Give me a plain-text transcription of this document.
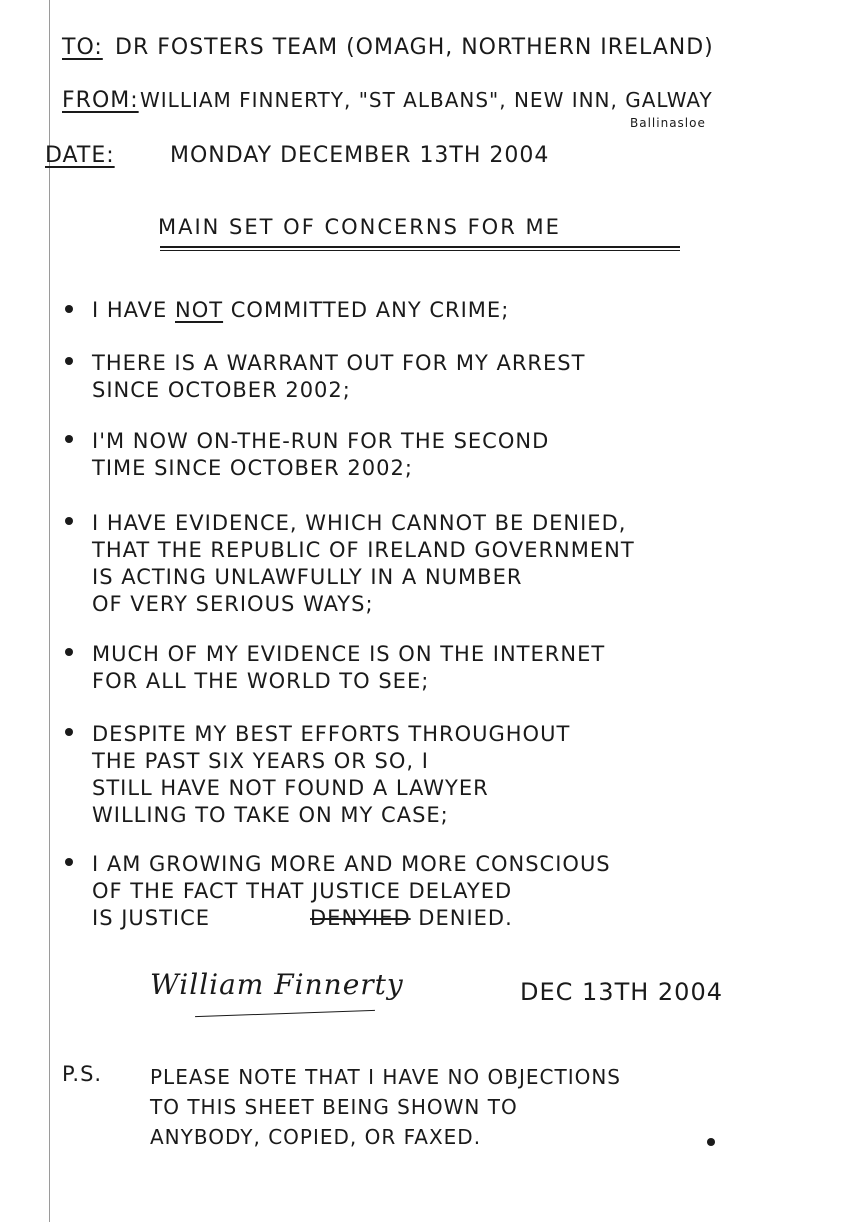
TO: DR FOSTERS TEAM (OMAGH, NORTHERN IRELAND)
FROM: WILLIAM FINNERTY, "ST ALBANS", NEW INN, GALWAY
Ballinasloe
DATE:	MONDAY DECEMBER 13TH 2004
MAIN SET OF CONCERNS FOR ME
I HAVE NOT COMMITTED ANY CRIME;
THERE IS A WARRANT OUT FOR MY ARREST
SINCE OCTOBER 2002;
I'M NOW ON-THE-RUN FOR THE SECOND
TIME SINCE OCTOBER 2002;
I HAVE EVIDENCE, WHICH CANNOT BE DENIED,
THAT THE REPUBLIC OF IRELAND GOVERNMENT
IS ACTING UNLAWFULLY IN A NUMBER
OF VERY SERIOUS WAYS;
MUCH OF MY EVIDENCE IS ON THE INTERNET
FOR ALL THE WORLD TO SEE;
DESPITE MY BEST EFFORTS THROUGHOUT
THE PAST SIX YEARS OR SO, I
STILL HAVE NOT FOUND A LAWYER
WILLING TO TAKE ON MY CASE;
I AM GROWING MORE AND MORE CONSCIOUS
OF THE FACT THAT JUSTICE DELAYED
IS JUSTICE	DENYIED DENIED.
William Finnerty	DEC 13TH 2004
P.S. PLEASE NOTE THAT I HAVE NO OBJECTIONS
TO THIS SHEET BEING SHOWN TO
ANYBODY, COPIED, OR FAXED.
